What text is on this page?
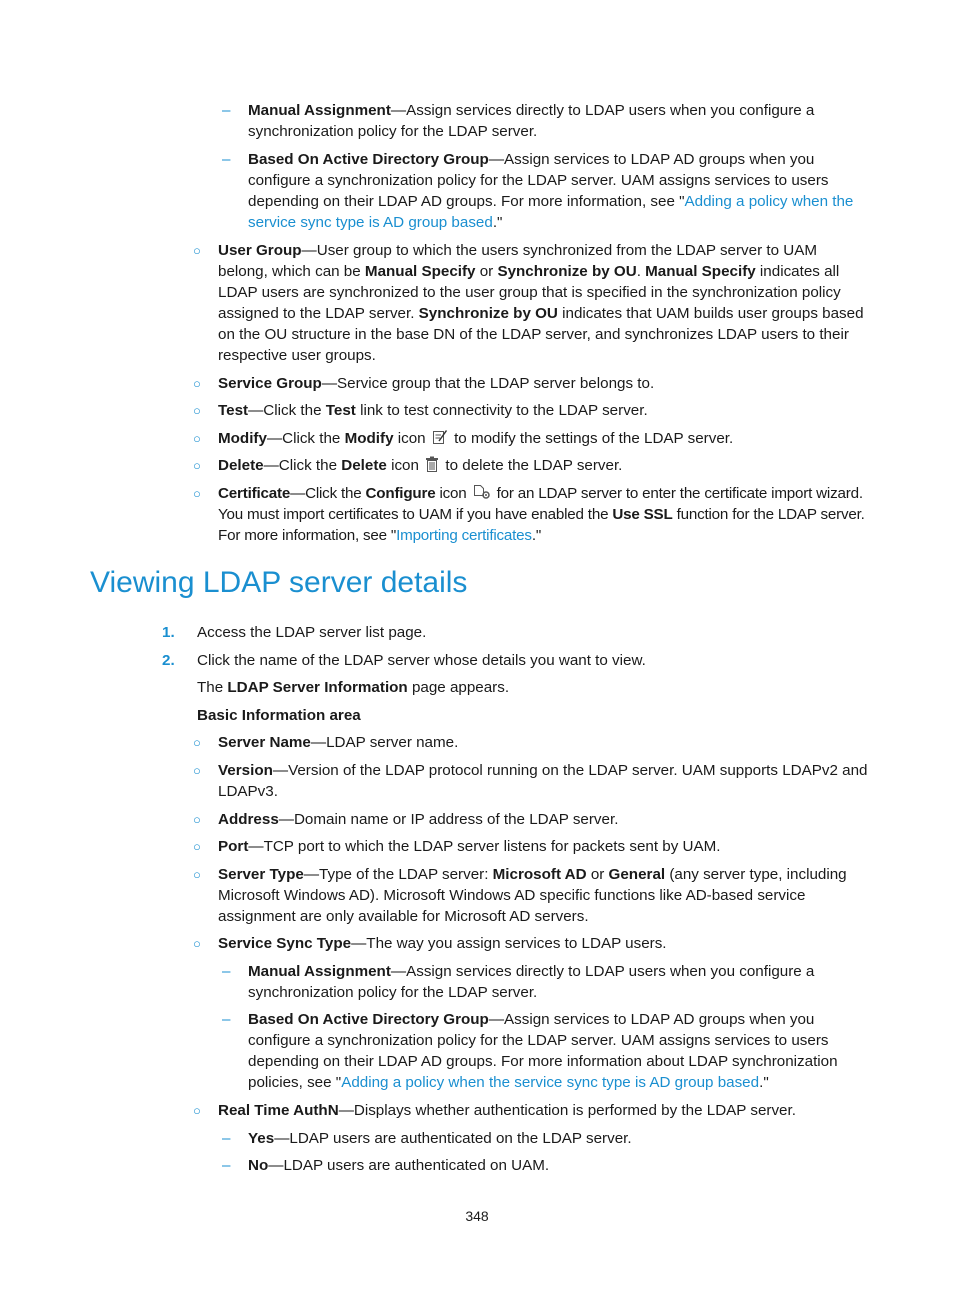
– Manual Assignment—Assign services directly to LDAP users when you configure a synchronization policy for the LDAP server.
– Based On Active Directory Group—Assign services to LDAP AD groups when you configure a synchronization policy for the LDAP server. UAM assigns services to users depending on their LDAP AD groups. For more information, see "Adding a policy when the service sync type is AD group based."
○ User Group—User group to which the users synchronized from the LDAP server to UAM belong, which can be Manual Specify or Synchronize by OU. Manual Specify indicates all LDAP users are synchronized to the user group that is specified in the synchronization policy assigned to the LDAP server. Synchronize by OU indicates that UAM builds user groups based on the OU structure in the base DN of the LDAP server, and synchronizes LDAP users to their respective user groups.
○ Service Group—Service group that the LDAP server belongs to.
○ Test—Click the Test link to test connectivity to the LDAP server.
○ Modify—Click the Modify icon  to modify the settings of the LDAP server.
○ Delete—Click the Delete icon  to delete the LDAP server.
○ Certificate—Click the Configure icon  for an LDAP server to enter the certificate import wizard. You must import certificates to UAM if you have enabled the Use SSL function for the LDAP server. For more information, see "Importing certificates."
Viewing LDAP server details
1. Access the LDAP server list page.
2. Click the name of the LDAP server whose details you want to view.
The LDAP Server Information page appears.
Basic Information area
○ Server Name—LDAP server name.
○ Version—Version of the LDAP protocol running on the LDAP server. UAM supports LDAPv2 and LDAPv3.
○ Address—Domain name or IP address of the LDAP server.
○ Port—TCP port to which the LDAP server listens for packets sent by UAM.
○ Server Type—Type of the LDAP server: Microsoft AD or General (any server type, including Microsoft Windows AD). Microsoft Windows AD specific functions like AD-based service assignment are only available for Microsoft AD servers.
○ Service Sync Type—The way you assign services to LDAP users.
– Manual Assignment—Assign services directly to LDAP users when you configure a synchronization policy for the LDAP server.
– Based On Active Directory Group—Assign services to LDAP AD groups when you configure a synchronization policy for the LDAP server. UAM assigns services to users depending on their LDAP AD groups. For more information about LDAP synchronization policies, see "Adding a policy when the service sync type is AD group based."
○ Real Time AuthN—Displays whether authentication is performed by the LDAP server.
– Yes—LDAP users are authenticated on the LDAP server.
– No—LDAP users are authenticated on UAM.
348
